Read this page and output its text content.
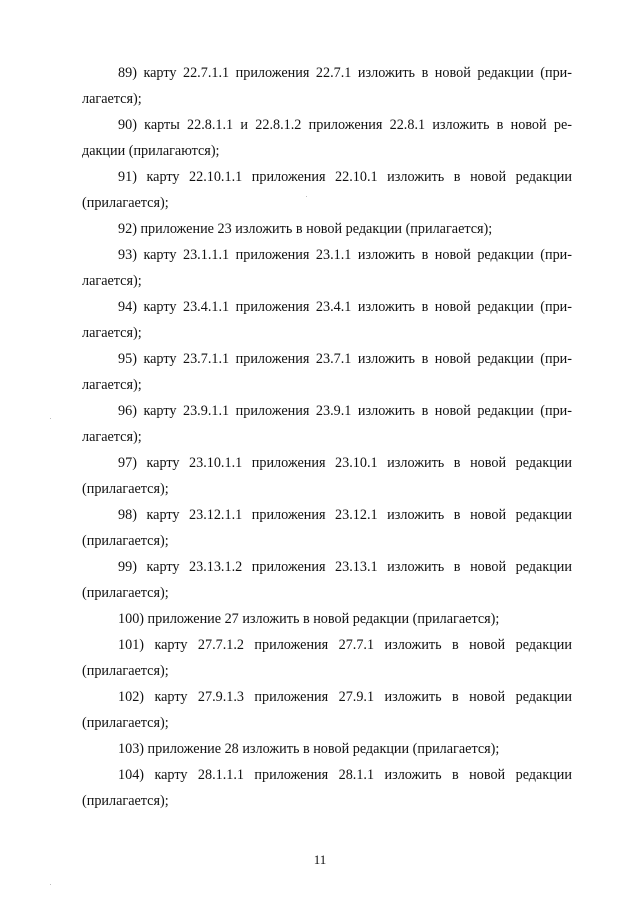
89) карту 22.7.1.1 приложения 22.7.1 изложить в новой редакции (при-
лагается);

90) карты 22.8.1.1 и 22.8.1.2 приложения 22.8.1 изложить в новой ре-
дакции (прилагаются);

91) карту 22.10.1.1 приложения 22.10.1 изложить в новой редакции
(прилагается);

92) приложение 23 изложить в новой редакции (прилагается);

93) карту 23.1.1.1 приложения 23.1.1 изложить в новой редакции (при-
лагается);

94) карту 23.4.1.1 приложения 23.4.1 изложить в новой редакции (при-
лагается);

95) карту 23.7.1.1 приложения 23.7.1 изложить в новой редакции (при-
лагается);

96) карту 23.9.1.1 приложения 23.9.1 изложить в новой редакции (при-
лагается);

97) карту 23.10.1.1 приложения 23.10.1 изложить в новой редакции
(прилагается);

98) карту 23.12.1.1 приложения 23.12.1 изложить в новой редакции
(прилагается);

99) карту 23.13.1.2 приложения 23.13.1 изложить в новой редакции
(прилагается);

100) приложение 27 изложить в новой редакции (прилагается);

101) карту 27.7.1.2 приложения 27.7.1 изложить в новой редакции
(прилагается);

102) карту 27.9.1.3 приложения 27.9.1 изложить в новой редакции
(прилагается);

103) приложение 28 изложить в новой редакции (прилагается);

104) карту 28.1.1.1 приложения 28.1.1 изложить в новой редакции
(прилагается);

11
